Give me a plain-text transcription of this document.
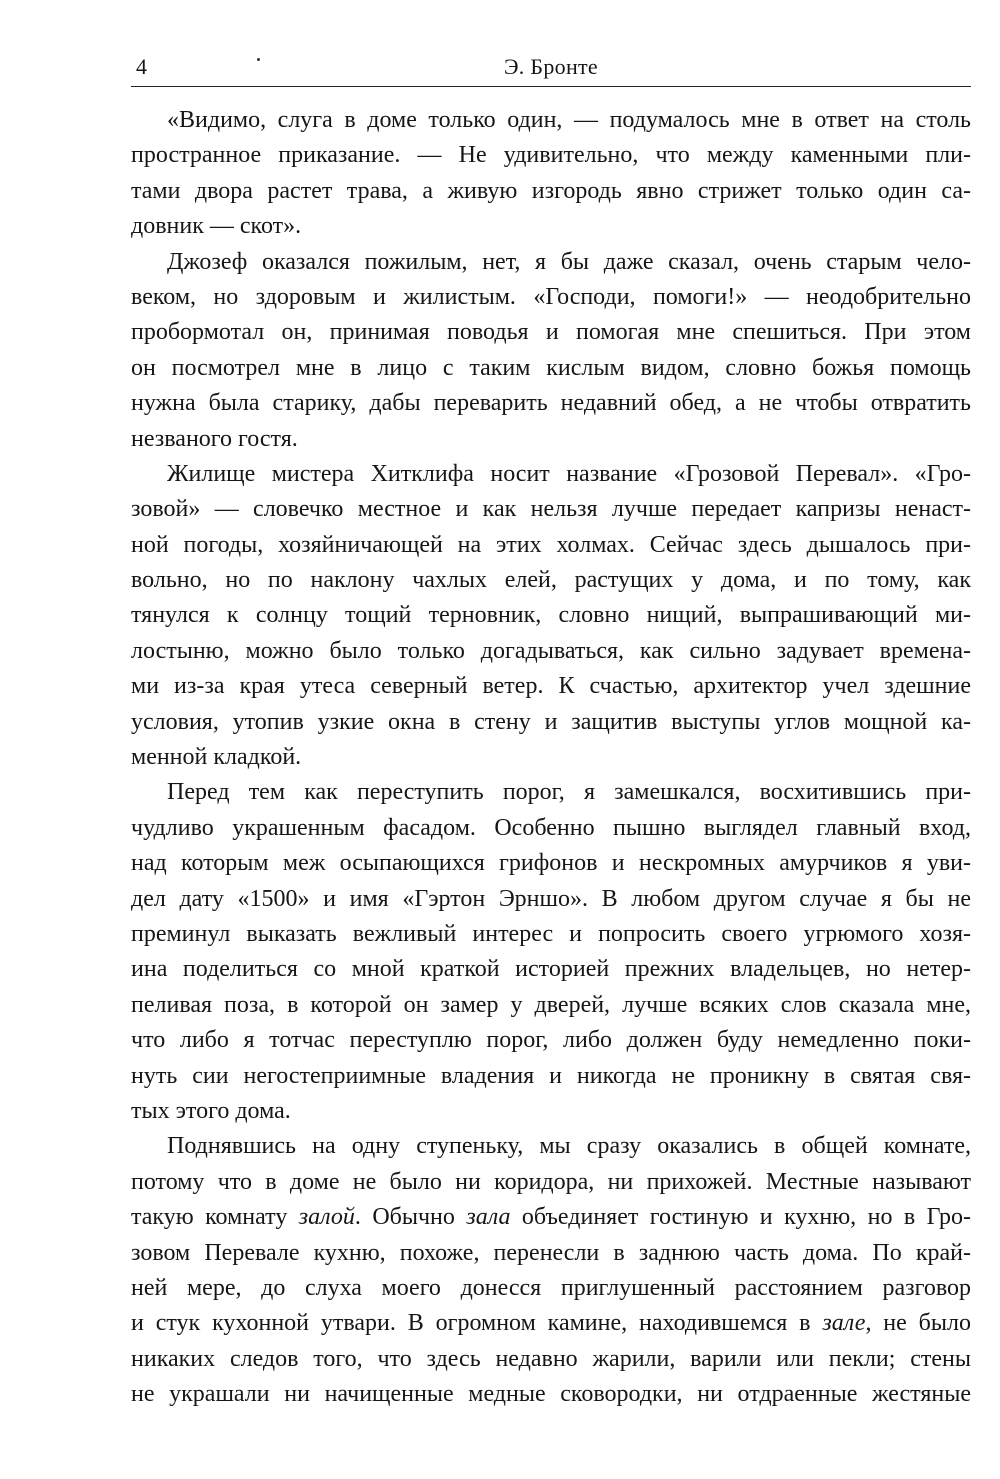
4	Э. Бронте
«Видимо, слуга в доме только один, — подумалось мне в ответ на столь
пространное приказание. — Не удивительно, что между каменными пли-
тами двора растет трава, а живую изгородь явно стрижет только один са-
довник — скот».
Джозеф оказался пожилым, нет, я бы даже сказал, очень старым чело-
веком, но здоровым и жилистым. «Господи, помоги!» — неодобрительно
пробормотал он, принимая поводья и помогая мне спешиться. При этом
он посмотрел мне в лицо с таким кислым видом, словно божья помощь
нужна была старику, дабы переварить недавний обед, а не чтобы отвратить
незваного гостя.
Жилище мистера Хитклифа носит название «Грозовой Перевал». «Гро-
зовой» — словечко местное и как нельзя лучше передает капризы ненаст-
ной погоды, хозяйничающей на этих холмах. Сейчас здесь дышалось при-
вольно, но по наклону чахлых елей, растущих у дома, и по тому, как
тянулся к солнцу тощий терновник, словно нищий, выпрашивающий ми-
лостыню, можно было только догадываться, как сильно задувает времена-
ми из-за края утеса северный ветер. К счастью, архитектор учел здешние
условия, утопив узкие окна в стену и защитив выступы углов мощной ка-
менной кладкой.
Перед тем как переступить порог, я замешкался, восхитившись при-
чудливо украшенным фасадом. Особенно пышно выглядел главный вход,
над которым меж осыпающихся грифонов и нескромных амурчиков я уви-
дел дату «1500» и имя «Гэртон Эрншо». В любом другом случае я бы не
преминул выказать вежливый интерес и попросить своего угрюмого хозя-
ина поделиться со мной краткой историей прежних владельцев, но нетер-
пеливая поза, в которой он замер у дверей, лучше всяких слов сказала мне,
что либо я тотчас переступлю порог, либо должен буду немедленно поки-
нуть сии негостеприимные владения и никогда не проникну в святая свя-
тых этого дома.
Поднявшись на одну ступеньку, мы сразу оказались в общей комнате,
потому что в доме не было ни коридора, ни прихожей. Местные называют
такую комнату залой. Обычно зала объединяет гостиную и кухню, но в Гро-
зовом Перевале кухню, похоже, перенесли в заднюю часть дома. По край-
ней мере, до слуха моего донесся приглушенный расстоянием разговор
и стук кухонной утвари. В огромном камине, находившемся в зале, не было
никаких следов того, что здесь недавно жарили, варили или пекли; стены
не украшали ни начищенные медные сковородки, ни отдраенные жестяные
